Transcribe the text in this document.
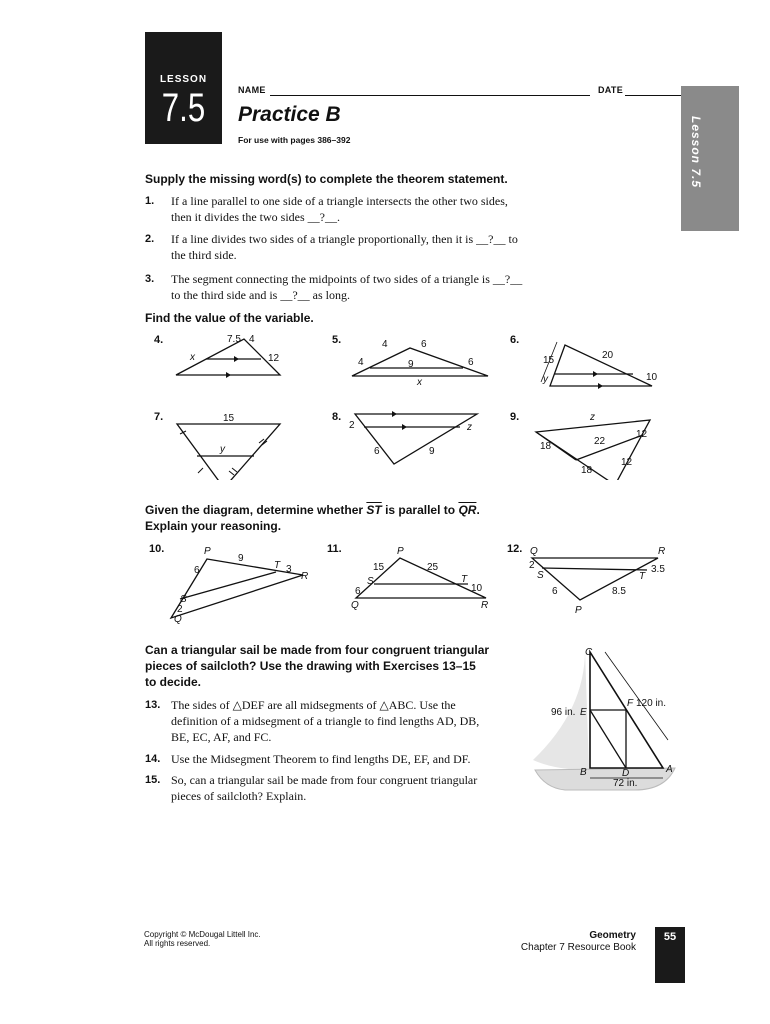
LESSON
7.5	NAME	DATE
Practice B
For use with pages 386–392	Lesson 7.5
Supply the missing word(s) to complete the theorem statement.
1. If a line parallel to one side of a triangle intersects the other two sides,
then it divides the two sides __?__.
2. If a line divides two sides of a triangle proportionally, then it is __?__ to
the third side.
3. The segment connecting the midpoints of two sides of a triangle is __?__
to the third side and is __?__ as long.
Find the value of the variable.
4.	7.5 4
x	12
5.	4	6
9
4	6
x
6.
15	20
10
y
7.	15
y
8.
2
6	9
z
9.	z
18	22
12
18
12
Given the diagram, determine whether $\overline{ST}$ is parallel to $\overline{QR}$.
Explain your reasoning.
10.	P
9
6	T 3
R
S
2
Q
11.	P
15	25
S	T
6	10
Q	R
12. Q	R
2
S	T
3.5
6	8.5
P
Can a triangular sail be made from four congruent triangular
pieces of sailcloth? Use the drawing with Exercises 13–15
to decide.
13. The sides of △DEF are all midsegments of △ABC. Use the
definition of a midsegment of a triangle to find lengths AD, DB,
BE, EC, AF, and FC.
14. Use the Midsegment Theorem to find lengths DE, EF, and DF.
15. So, can a triangular sail be made from four congruent triangular
pieces of sailcloth? Explain.
C
96 in. E
F 120 in.
B	D	A
72 in.
Copyright © McDougal Littell Inc.
All rights reserved.
Geometry
Chapter 7 Resource Book
55
